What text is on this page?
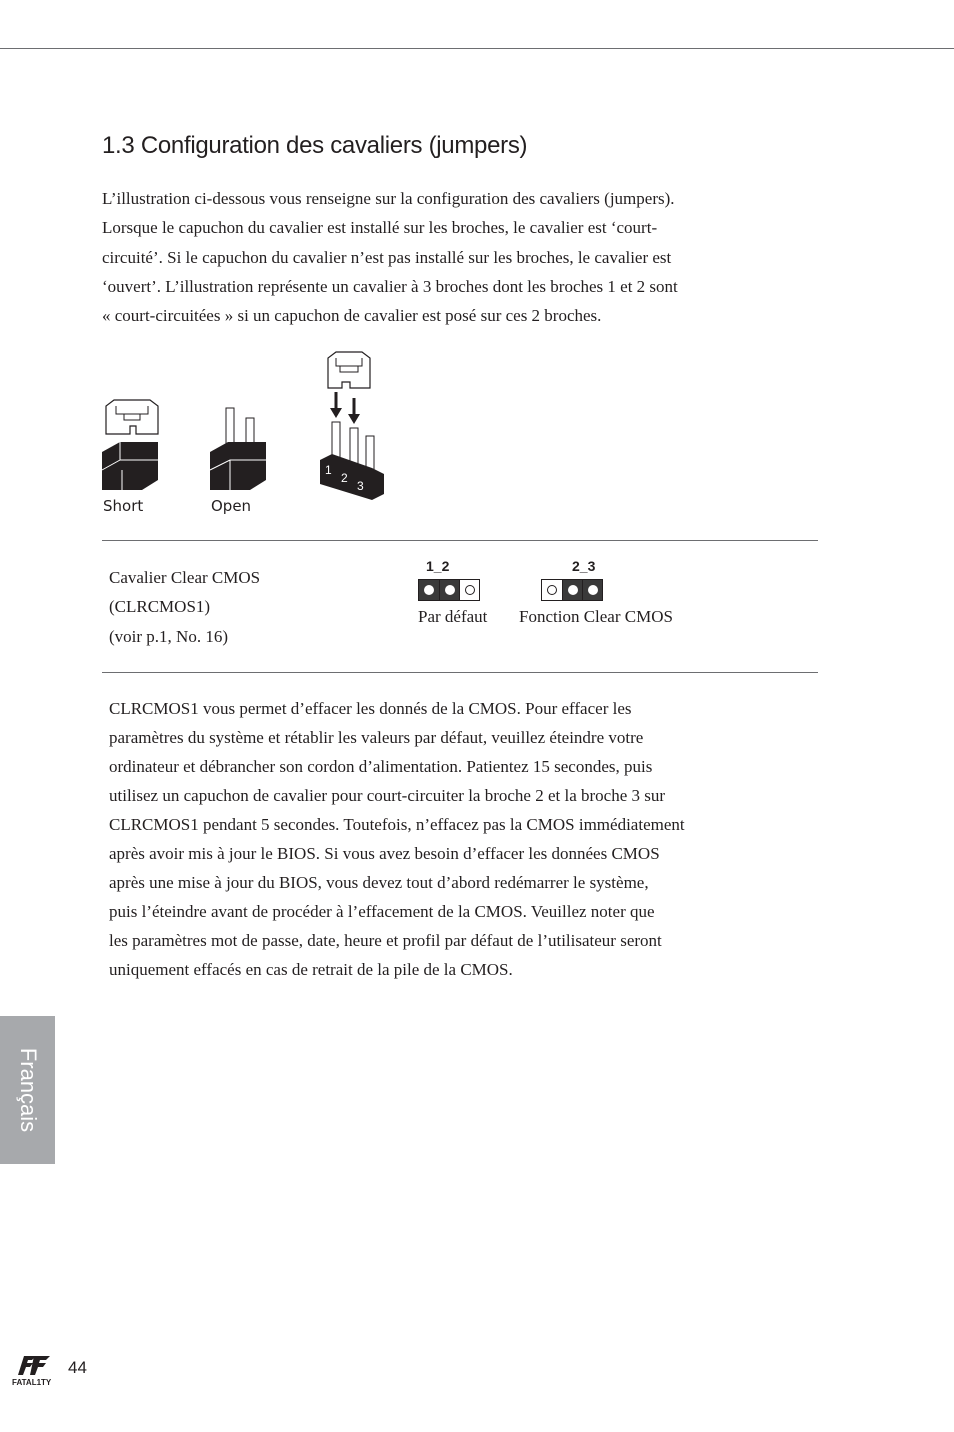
1.3 Configuration des cavaliers (jumpers)

L’illustration ci-dessous vous renseigne sur la configuration des cavaliers (jumpers).

Lorsque le capuchon du cavalier est installé sur les broches, le cavalier est ‘court-

circuité’. Si le capuchon du cavalier n’est pas installé sur les broches, le cavalier est

‘ouvert’. L’illustration représente un cavalier à 3 broches dont les broches 1 et 2 sont

« court-circuitées » si un capuchon de cavalier est posé sur ces 2 broches.

1
2
3
Short	Open
Cavalier Clear CMOS
(CLRCMOS1)
(voir p.1, No. 16)
1_2
Par défaut
2_3
Fonction Clear CMOS

CLRCMOS1 vous permet d’effacer les donnés de la CMOS. Pour effacer les

paramètres du système et rétablir les valeurs par défaut, veuillez éteindre votre

ordinateur et débrancher son cordon d’alimentation. Patientez 15 secondes, puis

utilisez un capuchon de cavalier pour court-circuiter la broche 2 et la broche 3 sur

CLRCMOS1 pendant 5 secondes. Toutefois, n’effacez pas la CMOS immédiatement

après avoir mis à jour le BIOS. Si vous avez besoin d’effacer les données CMOS

après une mise à jour du BIOS, vous devez tout d’abord redémarrer le système,

puis l’éteindre avant de procéder à l’effacement de la CMOS. Veuillez noter que

les paramètres mot de passe, date, heure et profil par défaut de l’utilisateur seront

uniquement effacés en cas de retrait de la pile de la CMOS.

Français
FATAL1TY
44
